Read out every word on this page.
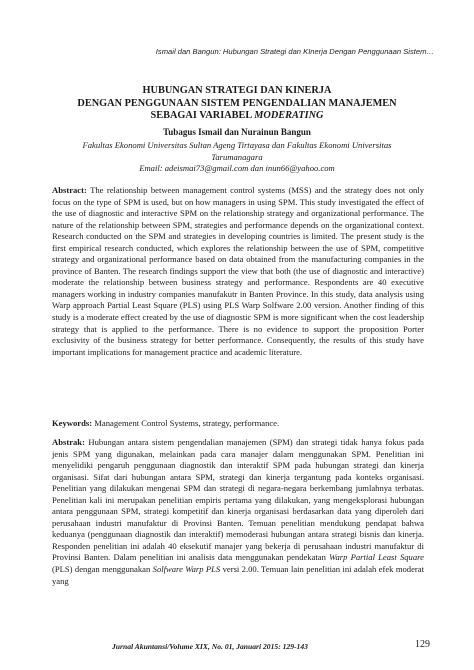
Ismail dan Bangun: Hubungan Strategi dan KInerja Dengan Penggunaan Sistem…
HUBUNGAN STRATEGI DAN KINERJA
DENGAN PENGGUNAAN SISTEM PENGENDALIAN MANAJEMEN
SEBAGAI VARIABEL MODERATING
Tubagus Ismail dan Nurainun Bangun
Fakultas Ekonomi Universitas Sultan Ageng Tirtayasa dan Fakultas Ekonomi Universitas
Tarumanagara
Email: adeismai73@gmail.com dan inun66@yahoo.com
Abstract: The relationship between management control systems (MSS) and the strategy does not only focus on the type of SPM is used, but on how managers in using SPM. This study investigated the effect of the use of diagnostic and interactive SPM on the relationship strategy and organizational performance. The nature of the relationship between SPM, strategies and performance depends on the organizational context. Research conducted on the SPM and strategies in developing countries is limited. The present study is the first empirical research conducted, which explores the relationship between the use of SPM, competitive strategy and organizational performance based on data obtained from the manufacturing companies in the province of Banten. The research findings support the view that both (the use of diagnostic and interactive) moderate the relationship between business strategy and performance. Respondents are 40 executive managers working in industry companies manufakutr in Banten Province. In this study, data analysis using Warp approach Partial Least Square (PLS) using PLS Warp Solfware 2.00 version. Another finding of this study is a moderate effect created by the use of diagnostic SPM is more significant when the cost leadership strategy that is applied to the performance. There is no evidence to support the proposition Porter exclusivity of the business strategy for better performance. Consequently, the results of this study have important implications for management practice and academic literature.
Keywords: Management Control Systems, strategy, performance.
Abstrak: Hubungan antara sistem pengendalian manajemen (SPM) dan strategi tidak hanya fokus pada jenis SPM yang digunakan, melainkan pada cara manajer dalam menggunakan SPM. Penelitian ini menyelidiki pengaruh penggunaan diagnostik dan interaktif SPM pada hubungan strategi dan kinerja organisasi. Sifat dari hubungan antara SPM, strategi dan kinerja tergantung pada konteks organisasi. Penelitian yang dilakukan mengenai SPM dan strategi di negara-negara berkembang jumlahnya terbatas. Penelitian kali ini merupakan penelitian empiris pertama yang dilakukan, yang mengeksplorasi hubungan antara penggunaan SPM, strategi kompetitif dan kinerja organisasi berdasarkan data yang diperoleh dari perusahaan industri manufaktur di Provinsi Banten. Temuan penelitian mendukung pendapat bahwa keduanya (penggunaan diagnostik dan interaktif) memoderasi hubungan antara strategi bisnis dan kinerja. Responden penelitian ini adalah 40 eksekutif manajer yang bekerja di perusahaan industri manufaktur di Provinsi Banten. Dalam penelitian ini analisis data menggunakan pendekatan Warp Partial Least Square (PLS) dengan menggunakan Solfware Warp PLS versi 2.00. Temuan lain penelitian ini adalah efek moderat yang
Jurnal Akuntansi/Volume XIX, No. 01, Januari 2015: 129-143	129
